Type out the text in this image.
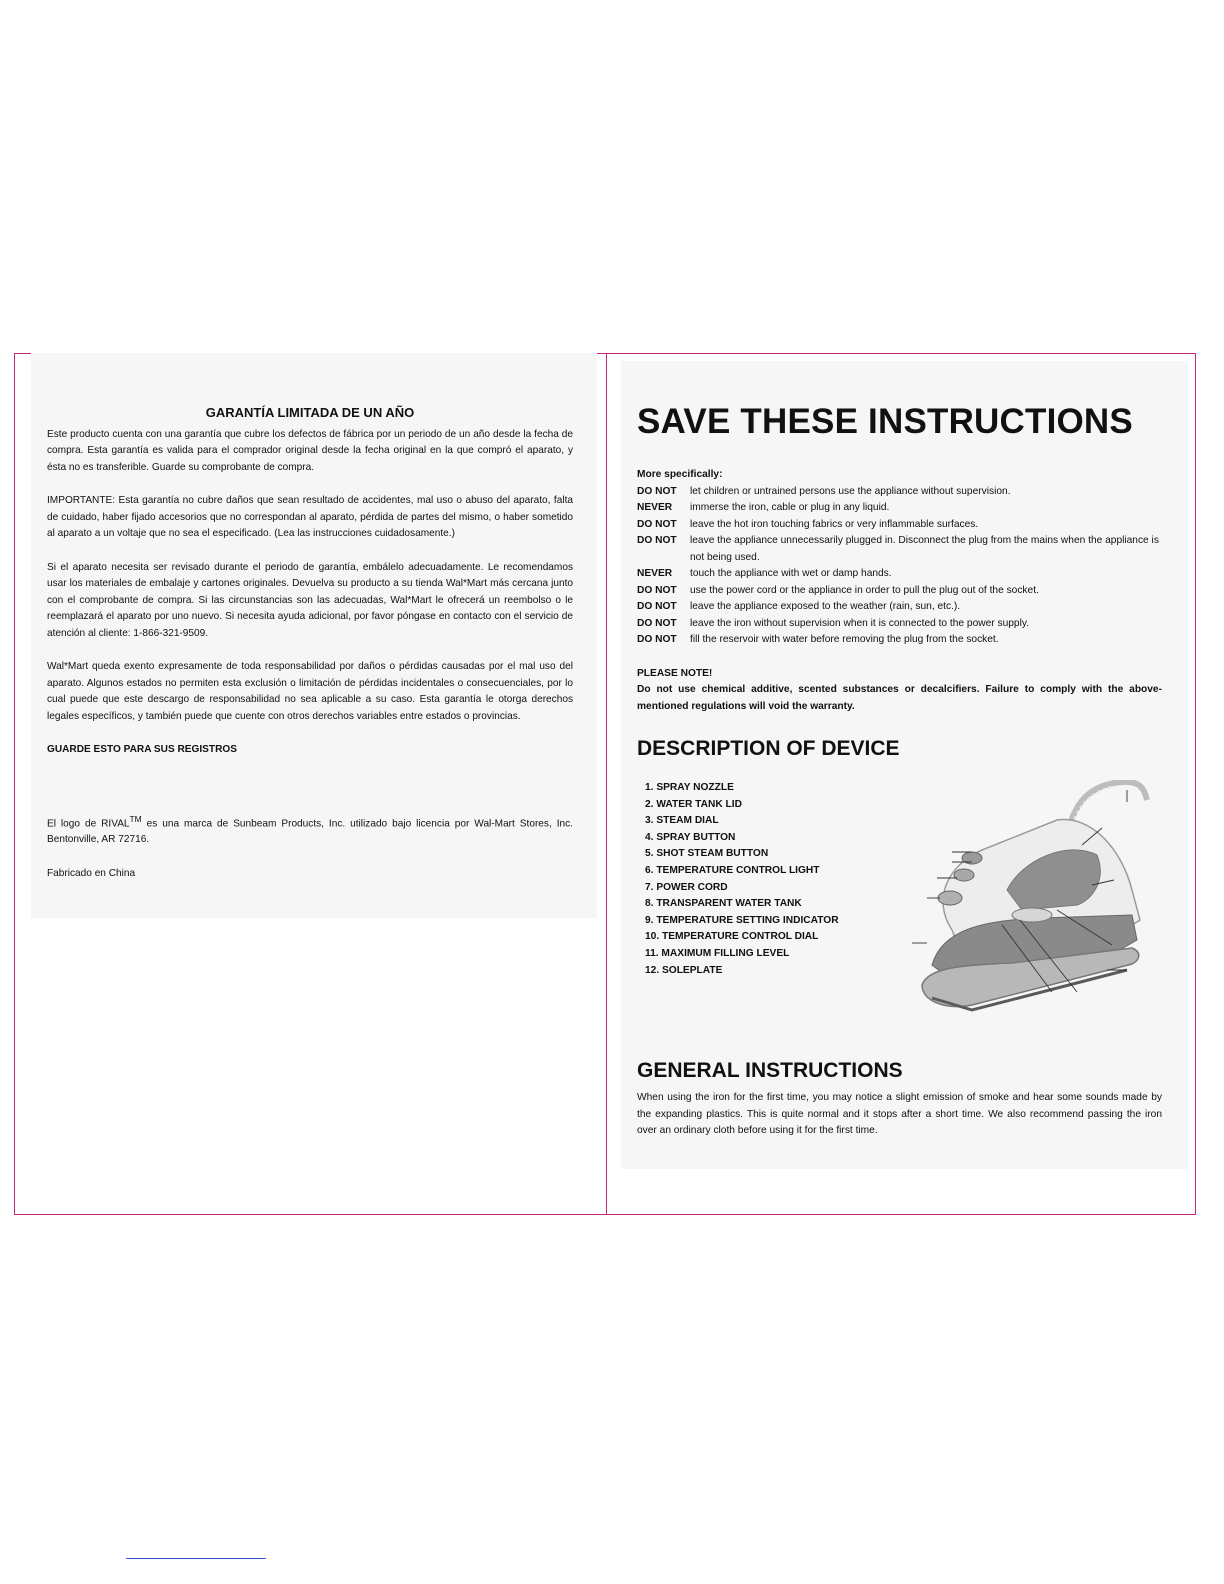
GARANTÍA LIMITADA DE UN AÑO

Este producto cuenta con una garantía que cubre los defectos de fábrica por un periodo de un año desde la fecha de compra. Esta garantía es valida para el comprador original desde la fecha original en la que compró el aparato, y ésta no es transferible. Guarde su comprobante de compra.

IMPORTANTE: Esta garantía no cubre daños que sean resultado de accidentes, mal uso o abuso del aparato, falta de cuidado, haber fijado accesorios que no correspondan al aparato, pérdida de partes del mismo, o haber sometido al aparato a un voltaje que no sea el especificado. (Lea las instrucciones cuidadosamente.)

Si el aparato necesita ser revisado durante el periodo de garantía, embálelo adecuadamente. Le recomendamos usar los materiales de embalaje y cartones originales. Devuelva su producto a su tienda Wal*Mart más cercana junto con el comprobante de compra. Si las circunstancias son las adecuadas, Wal*Mart le ofrecerá un reembolso o le reemplazará el aparato por uno nuevo. Si necesita ayuda adicional, por favor póngase en contacto con el servicio de atención al cliente: 1-866-321-9509.

Wal*Mart queda exento expresamente de toda responsabilidad por daños o pérdidas causadas por el mal uso del aparato. Algunos estados no permiten esta exclusión o limitación de pérdidas incidentales o consecuenciales, por lo cual puede que este descargo de responsabilidad no sea aplicable a su caso. Esta garantía le otorga derechos legales específicos, y también puede que cuente con otros derechos variables entre estados o provincias.

GUARDE ESTO PARA SUS REGISTROS

El logo de RIVAL™ es una marca de Sunbeam Products, Inc. utilizado bajo licencia por Wal-Mart Stores, Inc. Bentonville, AR 72716.

Fabricado en China

SAVE THESE INSTRUCTIONS

More specifically:

DO NOT	let children or untrained persons use the appliance without supervision.
NEVER	immerse the iron, cable or plug in any liquid.
DO NOT	leave the hot iron touching fabrics or very inflammable surfaces.
DO NOT	leave the appliance unnecessarily plugged in. Disconnect the plug from the mains when the appliance is not being used.
NEVER	touch the appliance with wet or damp hands.
DO NOT	use the power cord or the appliance in order to pull the plug out of the socket.
DO NOT	leave the appliance exposed to the weather (rain, sun, etc.).
DO NOT	leave the iron without supervision when it is connected to the power supply.
DO NOT	fill the reservoir with water before removing the plug from the socket.

PLEASE NOTE!

Do not use chemical additive, scented substances or decalcifiers. Failure to comply with the above-mentioned regulations will void the warranty.

DESCRIPTION OF DEVICE
1. SPRAY NOZZLE
2. WATER TANK LID
3. STEAM DIAL
4. SPRAY BUTTON
5. SHOT STEAM BUTTON
6. TEMPERATURE CONTROL LIGHT
7. POWER CORD
8. TRANSPARENT WATER TANK
9. TEMPERATURE SETTING INDICATOR
10. TEMPERATURE CONTROL DIAL
11. MAXIMUM FILLING LEVEL
12. SOLEPLATE
GENERAL INSTRUCTIONS

When using the iron for the first time, you may notice a slight emission of smoke and hear some sounds made by the expanding plastics. This is quite normal and it stops after a short time. We also recommend passing the iron over an ordinary cloth before using it for the first time.
